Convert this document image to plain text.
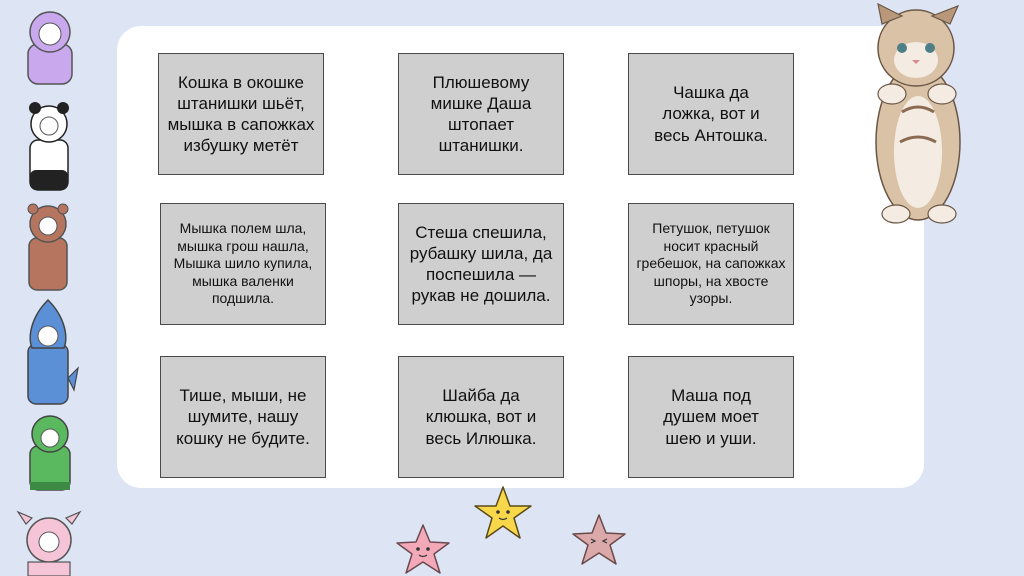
Кошка в окошке штанишки шьёт, мышка в сапожках избушку метёт
Плюшевому мишке Даша штопает штанишки.
Чашка да ложка, вот и весь Антошка.
Мышка полем шла, мышка грош нашла, Мышка шило купила, мышка валенки подшила.
Стеша спешила, рубашку шила, да поспешила — рукав не дошила.
Петушок, петушок носит красный гребешок, на сапожках шпоры, на хвосте узоры.
Тише, мыши, не шумите, нашу кошку не будите.
Шайба да клюшка, вот и весь Илюшка.
Маша под душем моет шею и уши.
